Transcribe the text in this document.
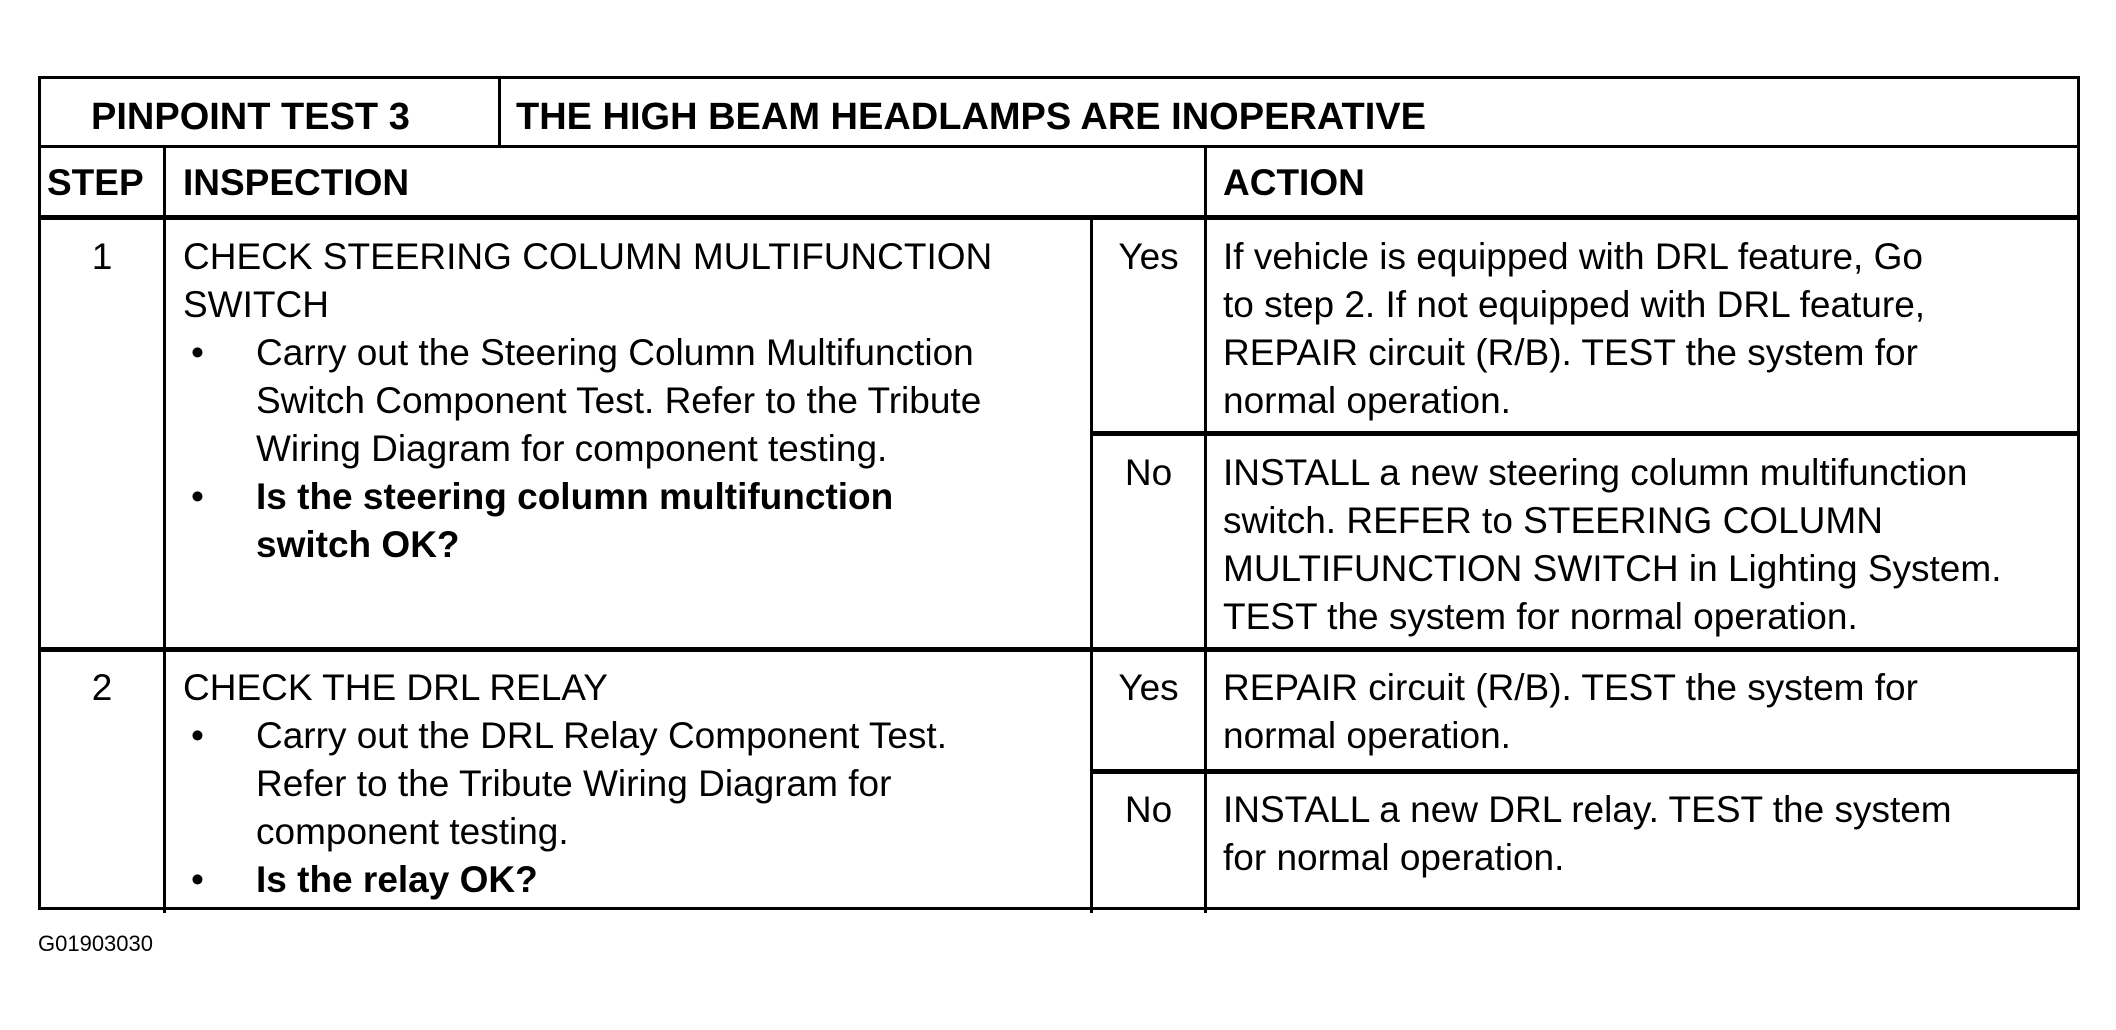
PINPOINT TEST 3	THE HIGH BEAM HEADLAMPS ARE INOPERATIVE
STEP INSPECTION	ACTION
1	CHECK STEERING COLUMN MULTIFUNCTION
SWITCH
• Carry out the Steering Column Multifunction
Switch Component Test. Refer to the Tribute
Wiring Diagram for component testing.
• Is the steering column multifunction
switch OK?
Yes	If vehicle is equipped with DRL feature, Go
to step 2. If not equipped with DRL feature,
REPAIR circuit (R/B). TEST the system for
normal operation.
No	INSTALL a new steering column multifunction
switch. REFER to STEERING COLUMN
MULTIFUNCTION SWITCH in Lighting System.
TEST the system for normal operation.
2	CHECK THE DRL RELAY
• Carry out the DRL Relay Component Test.
Refer to the Tribute Wiring Diagram for
component testing.
• Is the relay OK?
Yes	REPAIR circuit (R/B). TEST the system for
normal operation.
No	INSTALL a new DRL relay. TEST the system
for normal operation.
G01903030
